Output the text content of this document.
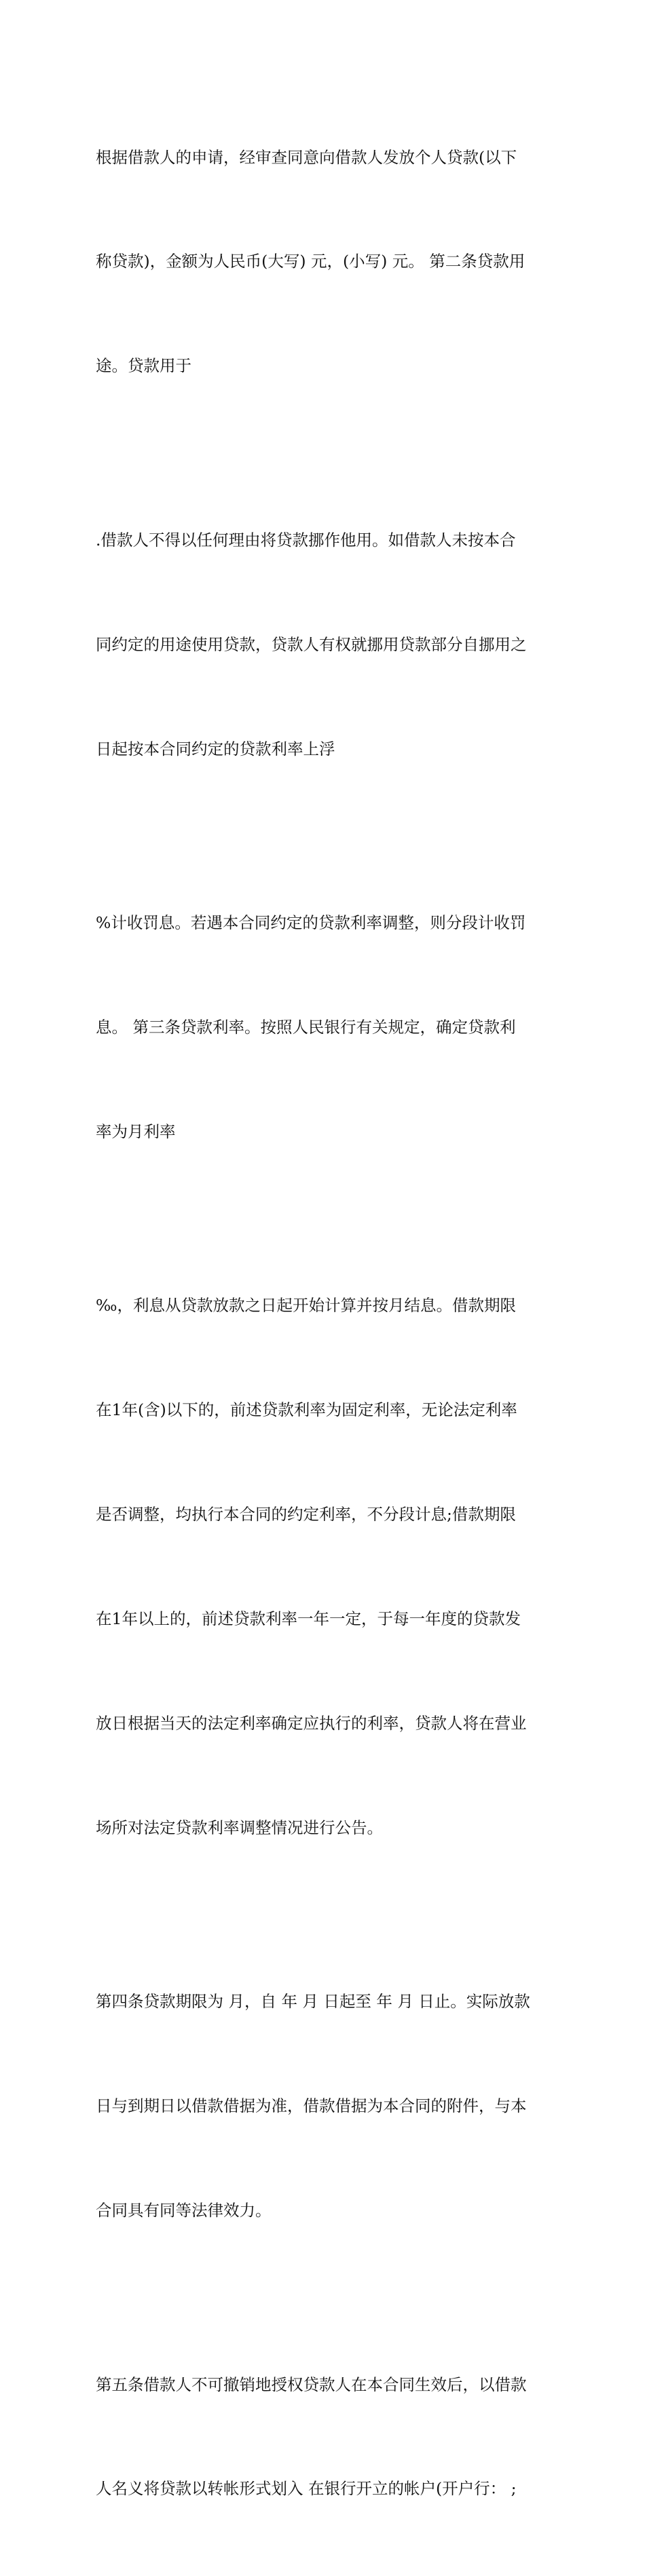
根据借款人的申请，经审查同意向借款人发放个人贷款(以下

称贷款)，金额为人民币(大写) 元，(小写) 元。 第二条贷款用

途。贷款用于

.借款人不得以任何理由将贷款挪作他用。如借款人未按本合

同约定的用途使用贷款，贷款人有权就挪用贷款部分自挪用之

日起按本合同约定的贷款利率上浮

%计收罚息。若遇本合同约定的贷款利率调整，则分段计收罚

息。 第三条贷款利率。按照人民银行有关规定，确定贷款利

率为月利率

‰，利息从贷款放款之日起开始计算并按月结息。借款期限

在1年(含)以下的，前述贷款利率为固定利率，无论法定利率

是否调整，均执行本合同的约定利率，不分段计息;借款期限

在1年以上的，前述贷款利率一年一定，于每一年度的贷款发

放日根据当天的法定利率确定应执行的利率，贷款人将在营业

场所对法定贷款利率调整情况进行公告。

第四条贷款期限为 月，自 年 月 日起至 年 月 日止。实际放款

日与到期日以借款借据为准，借款借据为本合同的附件，与本

合同具有同等法律效力。

第五条借款人不可撤销地授权贷款人在本合同生效后，以借款

人名义将贷款以转帐形式划入 在银行开立的帐户(开户行： ;
